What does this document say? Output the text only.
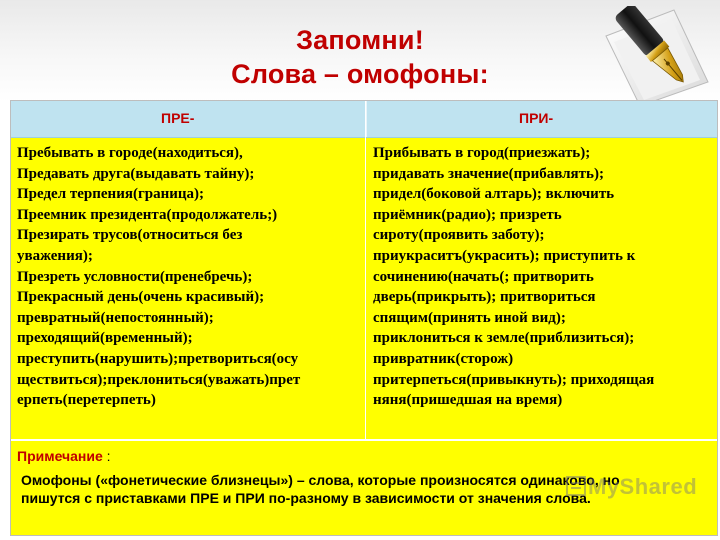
Запомни!
Слова – омофоны:
ПРЕ-	ПРИ-
Пребывать в городе(находиться),
Предавать друга(выдавать тайну);
Предел терпения(граница);
Преемник президента(продолжатель;)
Презирать трусов(относиться без
уважения);
Презреть условности(пренебречь);
Прекрасный день(очень красивый);
превратный(непостоянный);
преходящий(временный);
преступить(нарушить);претвориться(осу
ществиться);преклониться(уважать)прет
ерпеть(перетерпеть)
Прибывать в город(приезжать);
придавать значение(прибавлять);
придел(боковой алтарь); включить
приёмник(радио); призреть
сироту(проявить заботу);
приукраситъ(украсить); приступить к
сочинению(начать(; притворить
дверь(прикрыть); притвориться
спящим(принять иной вид);
приклониться к земле(приблизиться);
привратник(сторож)
притерпеться(привыкнуть); приходящая
няня(пришедшая на время)
Примечание :
Омофоны («фонетические близнецы») – слова, которые произносятся одинаково, но
пишутся с приставками ПРЕ и ПРИ по-разному в зависимости от значения слова.
MyShared
